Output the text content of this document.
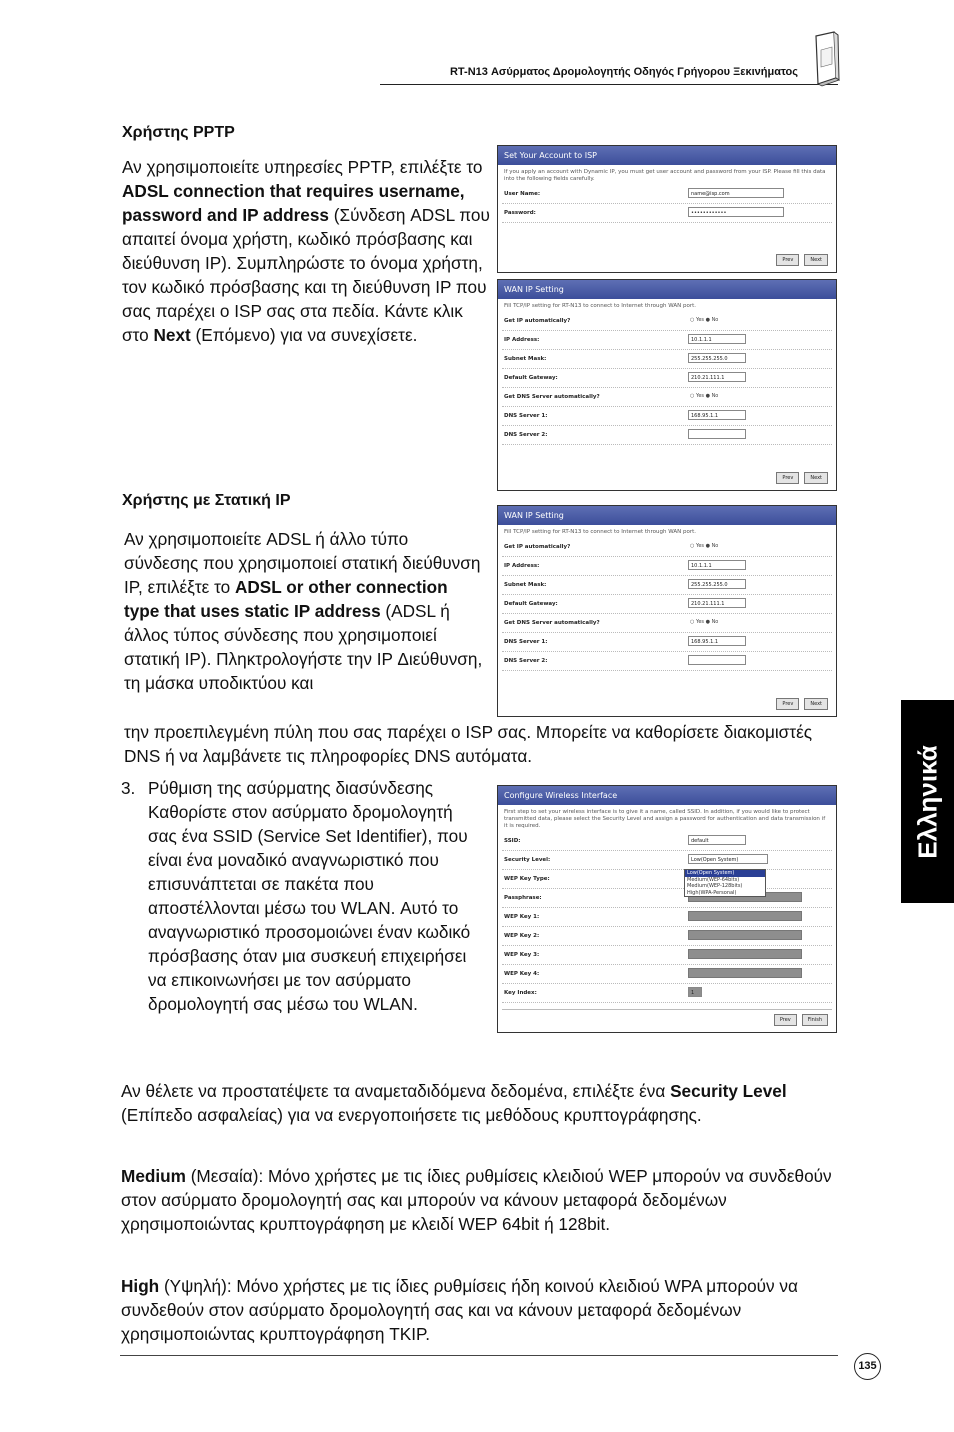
RT-N13 Ασύρματος Δρομολογητής Οδηγός Γρήγορου Ξεκινήματος
Ελληνικά
Χρήστης PPTP

Αν χρησιμοποιείτε υπηρεσίες PPTP, επιλέξτε το ADSL connection that requires username, password and IP address (Σύνδεση ADSL που απαιτεί όνομα χρήστη, κωδικό πρόσβασης και διεύθυνση IP). Συμπληρώστε το όνομα χρήστη, τον κωδικό πρόσβασης και τη διεύθυνση IP που σας παρέχει ο ISP σας στα πεδία. Κάντε κλικ στο Next (Επόμενο) για να συνεχίσετε.

Set Your Account to ISP
If you apply an account with Dynamic IP, you must get user account and password from your ISP. Please fill this data into the following fields carefully.
User Name:	name@isp.com
Password:	••••••••••••
Prev	Next
WAN IP Setting
Fill TCP/IP setting for RT-N13 to connect to Internet through WAN port.
Get IP automatically?	○ Yes ● No
IP Address:	10.1.1.1
Subnet Mask:	255.255.255.0
Default Gateway:	210.21.111.1
Get DNS Server automatically?	○ Yes ● No
DNS Server 1:	168.95.1.1
DNS Server 2:
Prev	Next
Χρήστης με Στατική IP

Αν χρησιμοποιείτε ADSL ή άλλο τύπο σύνδεσης που χρησιμοποιεί στατική διεύθυνση IP, επιλέξτε το ADSL or other connection type that uses static IP address (ADSL ή άλλος τύπος σύνδεσης που χρησιμοποιεί στατική IP). Πληκτρολογήστε την IP Διεύθυνση, τη μάσκα υποδικτύου και

την προεπιλεγμένη πύλη που σας παρέχει ο ISP σας. Μπορείτε να καθορίσετε διακομιστές DNS ή να λαμβάνετε τις πληροφορίες DNS αυτόματα.

WAN IP Setting
Fill TCP/IP setting for RT-N13 to connect to Internet through WAN port.
Get IP automatically?	○ Yes ● No
IP Address:	10.1.1.1
Subnet Mask:	255.255.255.0
Default Gateway:	210.21.111.1
Get DNS Server automatically?	○ Yes ● No
DNS Server 1:	168.95.1.1
DNS Server 2:
Prev	Next
3. Ρύθμιση της ασύρματης διασύνδεσης

Καθορίστε στον ασύρματο δρομολογητή σας ένα SSID (Service Set Identifier), που είναι ένα μοναδικό αναγνωριστικό που επισυνάπτεται σε πακέτα που αποστέλλονται μέσω του WLAN. Αυτό το αναγνωριστικό προσομοιώνει έναν κωδικό πρόσβασης όταν μια συσκευή επιχειρήσει να επικοινωνήσει με τον ασύρματο δρομολογητή σας μέσω του WLAN.

Configure Wireless Interface
First step to set your wireless interface is to give it a name, called SSID. In addition, if you would like to protect transmitted data, please select the Security Level and assign a password for authentication and data transmission if it is required.
SSID:	default
Security Level:	Low(Open System)
WEP Key Type:
Passphrase:
WEP Key 1:
WEP Key 2:
WEP Key 3:
WEP Key 4:
Key Index:	1
Low(Open System)
Medium(WEP-64bits)
Medium(WEP-128bits)
High(WPA-Personal)
Prev	Finish

Αν θέλετε να προστατέψετε τα αναμεταδιδόμενα δεδομένα, επιλέξτε ένα Security Level (Επίπεδο ασφαλείας) για να ενεργοποιήσετε τις μεθόδους κρυπτογράφησης.

Medium (Μεσαία): Μόνο χρήστες με τις ίδιες ρυθμίσεις κλειδιού WEP μπορούν να συνδεθούν στον ασύρματο δρομολογητή σας και μπορούν να κάνουν μεταφορά δεδομένων χρησιμοποιώντας κρυπτογράφηση με κλειδί WEP 64bit ή 128bit.

High (Υψηλή): Μόνο χρήστες με τις ίδιες ρυθμίσεις ήδη κοινού κλειδιού WPA μπορούν να συνδεθούν στον ασύρματο δρομολογητή σας και να κάνουν μεταφορά δεδομένων χρησιμοποιώντας κρυπτογράφηση TKIP.

135
